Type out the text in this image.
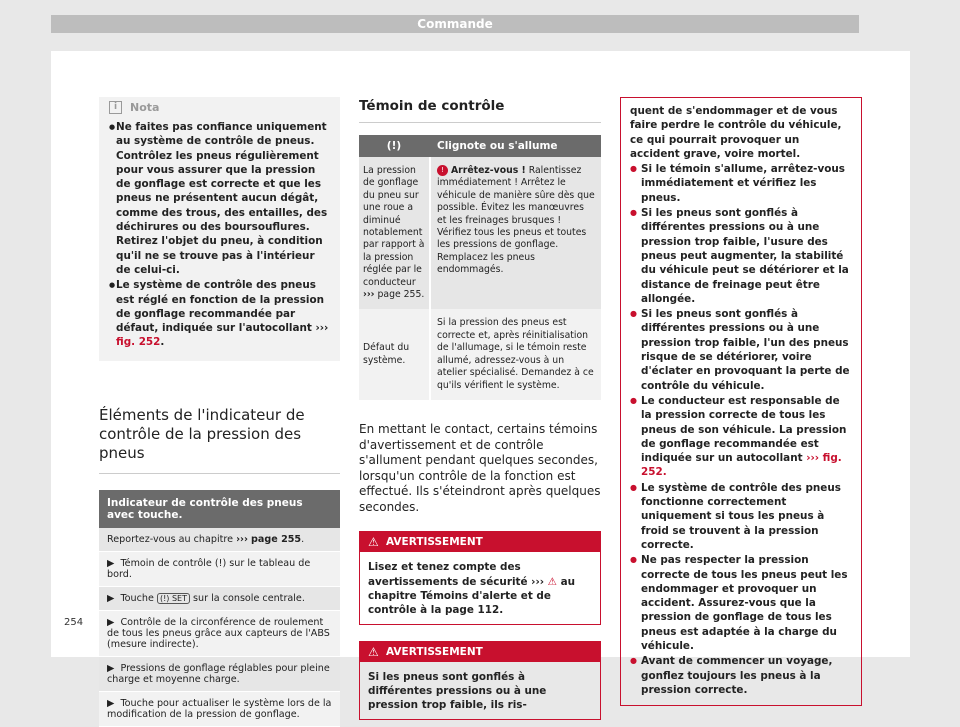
Commande
i	Nota
● Ne faites pas confiance uniquement au système de contrôle de pneus. Contrôlez les pneus régulièrement pour vous assurer que la pression de gonflage est correcte et que les pneus ne présentent aucun dégât, comme des trous, des entailles, des déchirures ou des boursouflures. Retirez l'objet du pneu, à condition qu'il ne se trouve pas à l'intérieur de celui-ci.
● Le système de contrôle des pneus est réglé en fonction de la pression de gonflage recommandée par défaut, indiquée sur l'autocollant ››› fig. 252.
Éléments de l'indicateur de contrôle de la pression des pneus
Indicateur de contrôle des pneus avec touche.
Reportez-vous au chapitre ››› page 255.
▶ Témoin de contrôle (!) sur le tableau de bord.
▶ Touche (!) SET sur la console centrale.
▶ Contrôle de la circonférence de roulement de tous les pneus grâce aux capteurs de l'ABS (mesure indirecte).
▶ Pressions de gonflage réglables pour pleine charge et moyenne charge.
▶ Touche pour actualiser le système lors de la modification de la pression de gonflage.
Témoin de contrôle
(!)	Clignote ou s'allume
La pression de gonflage du pneu sur une roue a diminué notablement par rapport à la pression réglée par le conducteur ››› page 255.
! Arrêtez-vous ! Ralentissez immédiatement ! Arrêtez le véhicule de manière sûre dès que possible. Évitez les manœuvres et les freinages brusques ! Vérifiez tous les pneus et toutes les pressions de gonflage. Remplacez les pneus endommagés.
Défaut du système.
Si la pression des pneus est correcte et, après réinitialisation de l'allumage, si le témoin reste allumé, adressez-vous à un atelier spécialisé. Demandez à ce qu'ils vérifient le système.
En mettant le contact, certains témoins d'avertissement et de contrôle s'allument pendant quelques secondes, lorsqu'un contrôle de la fonction est effectué. Ils s'éteindront après quelques secondes.
⚠ AVERTISSEMENT
Lisez et tenez compte des avertissements de sécurité ››› ⚠ au chapitre Témoins d'alerte et de contrôle à la page 112.
⚠ AVERTISSEMENT
Si les pneus sont gonflés à différentes pressions ou à une pression trop faible, ils ris-
quent de s'endommager et de vous faire perdre le contrôle du véhicule, ce qui pourrait provoquer un accident grave, voire mortel.
● Si le témoin s'allume, arrêtez-vous immédiatement et vérifiez les pneus.
● Si les pneus sont gonflés à différentes pressions ou à une pression trop faible, l'usure des pneus peut augmenter, la stabilité du véhicule peut se détériorer et la distance de freinage peut être allongée.
● Si les pneus sont gonflés à différentes pressions ou à une pression trop faible, l'un des pneus risque de se détériorer, voire d'éclater en provoquant la perte de contrôle du véhicule.
● Le conducteur est responsable de la pression correcte de tous les pneus de son véhicule. La pression de gonflage recommandée est indiquée sur un autocollant ››› fig. 252.
● Le système de contrôle des pneus fonctionne correctement uniquement si tous les pneus à froid se trouvent à la pression correcte.
● Ne pas respecter la pression correcte de tous les pneus peut les endommager et provoquer un accident. Assurez-vous que la pression de gonflage de tous les pneus est adaptée à la charge du véhicule.
● Avant de commencer un voyage, gonflez toujours les pneus à la pression correcte.
254
